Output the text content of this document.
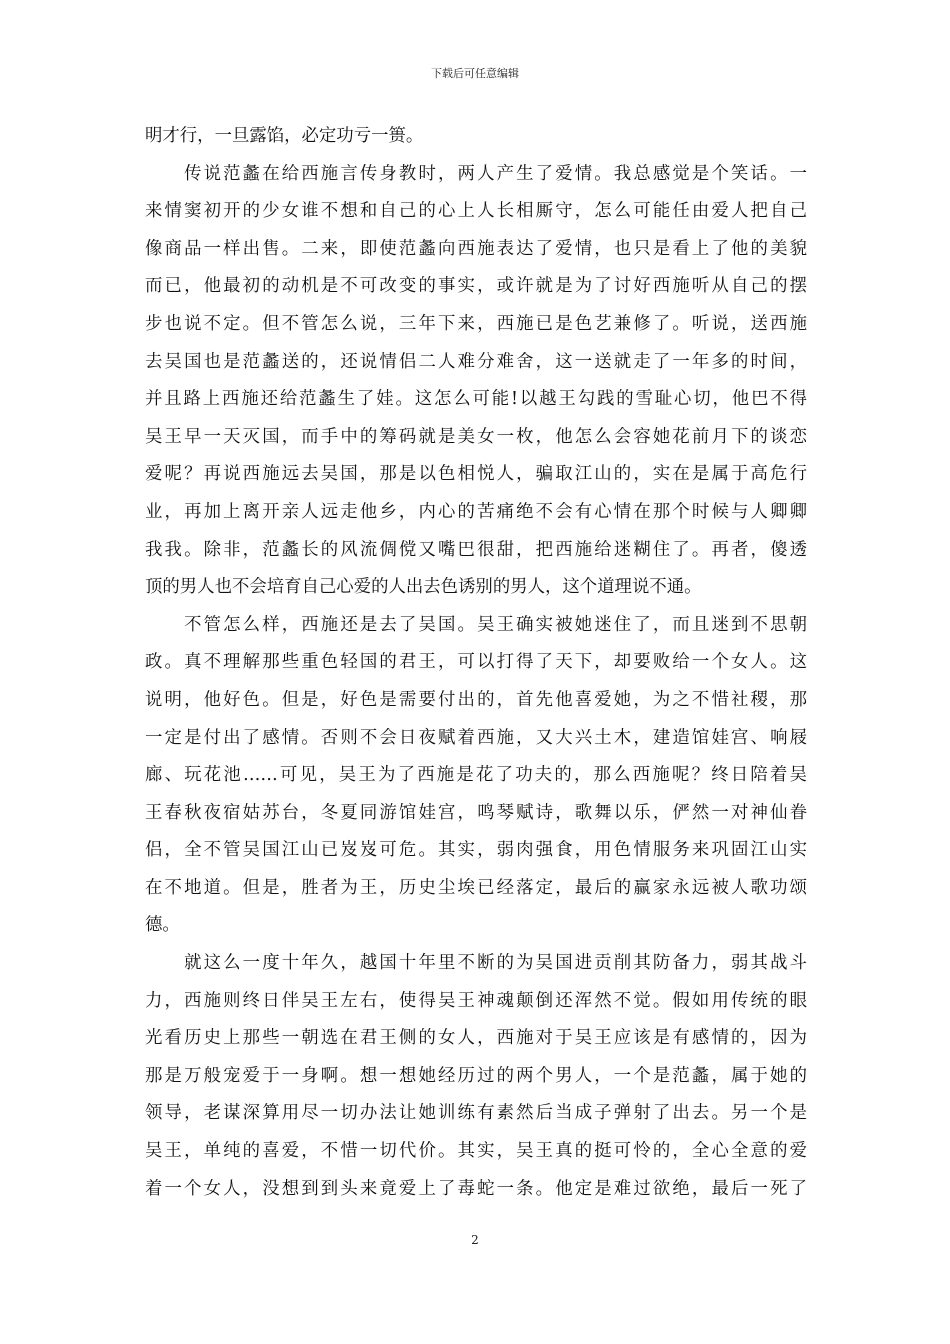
下载后可任意编辑
明才行，一旦露馅，必定功亏一篑。
　　传说范蠡在给西施言传身教时，两人产生了爱情。我总感觉是个笑话。一
来情窦初开的少女谁不想和自己的心上人长相厮守，怎么可能任由爱人把自己
像商品一样出售。二来，即使范蠡向西施表达了爱情，也只是看上了他的美貌
而已，他最初的动机是不可改变的事实，或许就是为了讨好西施听从自己的摆
步也说不定。但不管怎么说，三年下来，西施已是色艺兼修了。听说，送西施
去吴国也是范蠡送的，还说情侣二人难分难舍，这一送就走了一年多的时间，
并且路上西施还给范蠡生了娃。这怎么可能!以越王勾践的雪耻心切，他巴不得
吴王早一天灭国，而手中的筹码就是美女一枚，他怎么会容她花前月下的谈恋
爱呢？再说西施远去吴国，那是以色相悦人，骗取江山的，实在是属于高危行
业，再加上离开亲人远走他乡，内心的苦痛绝不会有心情在那个时候与人卿卿
我我。除非，范蠡长的风流倜傥又嘴巴很甜，把西施给迷糊住了。再者，傻透
顶的男人也不会培育自己心爱的人出去色诱别的男人，这个道理说不通。
　　不管怎么样，西施还是去了吴国。吴王确实被她迷住了，而且迷到不思朝
政。真不理解那些重色轻国的君王，可以打得了天下，却要败给一个女人。这
说明，他好色。但是，好色是需要付出的，首先他喜爱她，为之不惜社稷，那
一定是付出了感情。否则不会日夜赋着西施，又大兴土木，建造馆娃宫、响屐
廊、玩花池……可见，吴王为了西施是花了功夫的，那么西施呢？终日陪着吴
王春秋夜宿姑苏台，冬夏同游馆娃宫，鸣琴赋诗，歌舞以乐，俨然一对神仙眷
侣，全不管吴国江山已岌岌可危。其实，弱肉强食，用色情服务来巩固江山实
在不地道。但是，胜者为王，历史尘埃已经落定，最后的赢家永远被人歌功颂
德。
　　就这么一度十年久，越国十年里不断的为吴国进贡削其防备力，弱其战斗
力，西施则终日伴吴王左右，使得吴王神魂颠倒还浑然不觉。假如用传统的眼
光看历史上那些一朝选在君王侧的女人，西施对于吴王应该是有感情的，因为
那是万般宠爱于一身啊。想一想她经历过的两个男人，一个是范蠡，属于她的
领导，老谋深算用尽一切办法让她训练有素然后当成子弹射了出去。另一个是
吴王，单纯的喜爱，不惜一切代价。其实，吴王真的挺可怜的，全心全意的爱
着一个女人，没想到到头来竟爱上了毒蛇一条。他定是难过欲绝，最后一死了
2
